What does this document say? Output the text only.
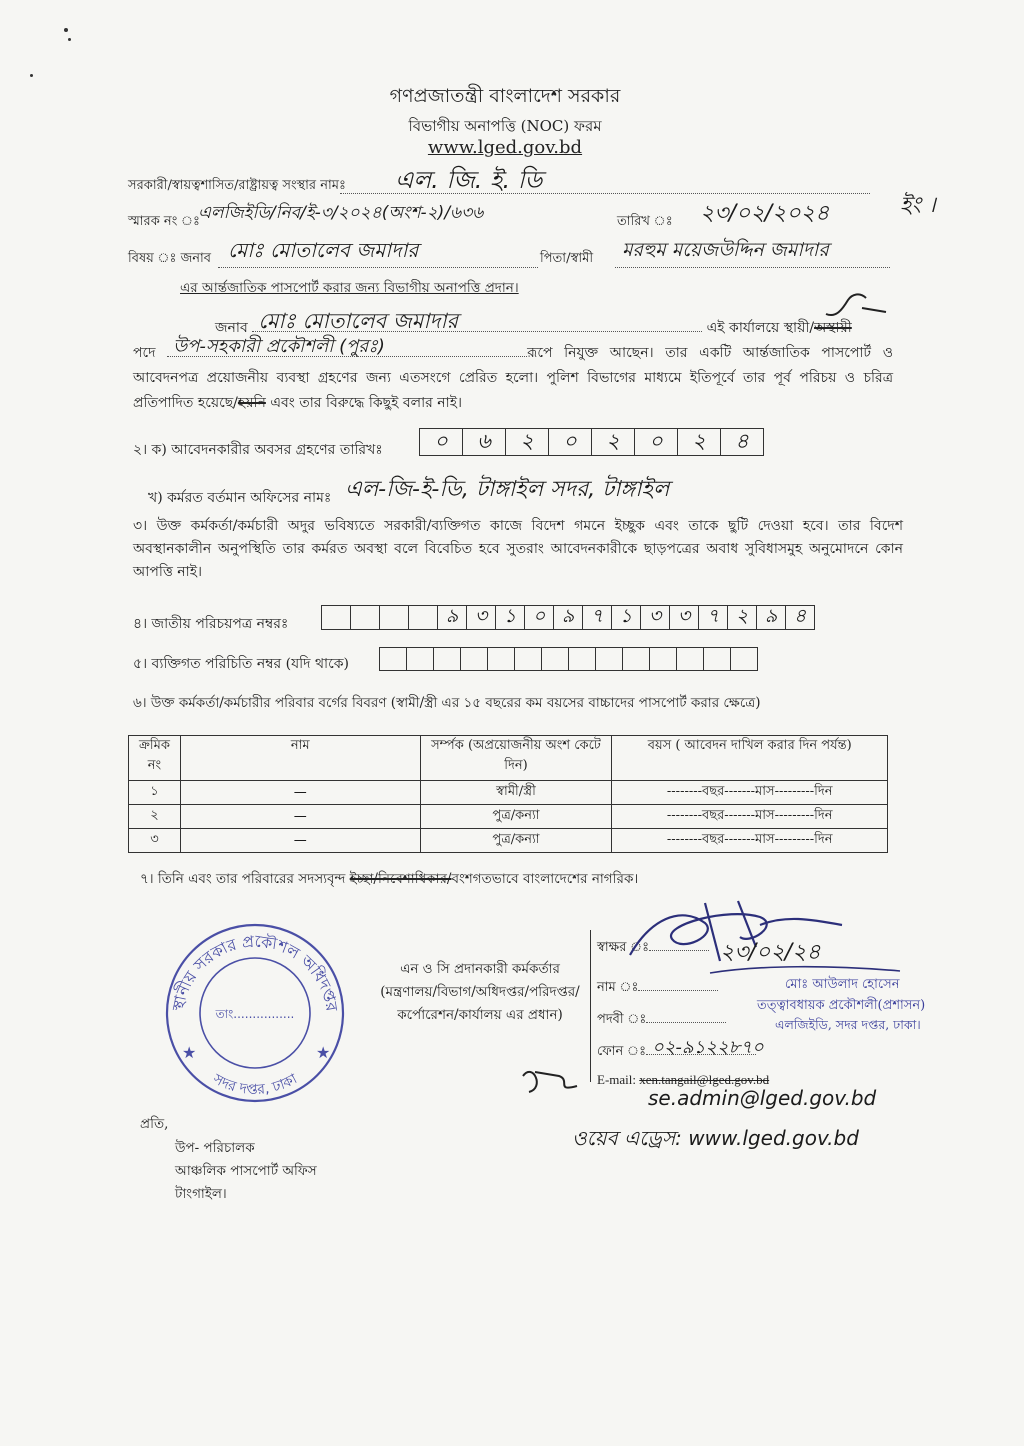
গণপ্রজাতন্ত্রী বাংলাদেশ সরকার
বিভাগীয় অনাপত্তি (NOC) ফরম
www.lged.gov.bd
সরকারী/স্বায়ত্বশাসিত/রাষ্ট্রায়ত্ব সংস্থার নামঃ এল. জি. ই. ডি
স্মারক নং ঃ
এলজিইডি/নিব/ই-৩/২০২৪(অংশ-২)/৬৩৬	তারিখ ঃ ২৩/০২/২০২৪	ইং ।
বিষয় ঃ জনাব মোঃ মোতালেব জমাদার	পিতা/স্বামী মরহুম ময়েজউদ্দিন জমাদার
এর আর্ন্তজাতিক পাসপোর্ট করার জন্য বিভাগীয় অনাপত্তি প্রদান।
জনাব মোঃ মোতালেব জমাদার	এই কার্যালয়ে স্থায়ী/অস্থায়ী
পদে উপ-সহকারী প্রকৌশলী (পুরঃ)	রূপে নিযুক্ত আছেন। তার একটি আর্ন্তজাতিক পাসপোর্ট ও আবেদনপত্র প্রয়োজনীয় ব্যবস্থা গ্রহণের জন্য এতসংগে প্রেরিত হলো। পুলিশ বিভাগের মাধ্যমে ইতিপূর্বে তার পূর্ব পরিচয় ও চরিত্র প্রতিপাদিত হয়েছে/হয়নি এবং তার বিরুদ্ধে কিছুই বলার নাই।
২। ক) আবেদনকারীর অবসর গ্রহণের তারিখঃ	০	৬	২	০	২	০	২	৪
খ) কর্মরত বর্তমান অফিসের নামঃ এল-জি-ই-ডি, টাঙ্গাইল সদর, টাঙ্গাইল
৩। উক্ত কর্মকর্তা/কর্মচারী অদুর ভবিষ্যতে সরকারী/ব্যক্তিগত কাজে বিদেশ গমনে ইচ্ছুক এবং তাকে ছুটি দেওয়া হবে। তার বিদেশ অবস্থানকালীন অনুপস্থিতি তার কর্মরত অবস্থা বলে বিবেচিত হবে সুতরাং আবেদনকারীকে ছাড়পত্রের অবাধ সুবিধাসমুহ অনুমোদনে কোন আপত্তি নাই।
৪। জাতীয় পরিচয়পত্র নম্বরঃ	৯ ৩ ১ ০ ৯ ৭ ১ ৩ ৩ ৭ ২ ৯ ৪
৫। ব্যক্তিগত পরিচিতি নম্বর (যদি থাকে)
৬। উক্ত কর্মকর্তা/কর্মচারীর পরিবার বর্গের বিবরণ (স্বামী/স্ত্রী এর ১৫ বছরের কম বয়সের বাচ্চাদের পাসপোর্ট করার ক্ষেত্রে)
ক্রমিক নং	নাম	সর্ম্পক (অপ্রয়োজনীয় অংশ কেটে দিন)	বয়স ( আবেদন দাখিল করার দিন পর্যন্ত)
১	—	স্বামী/স্ত্রী	--------বছর-------মাস---------দিন
২	—	পুত্র/কন্যা	--------বছর-------মাস---------দিন
৩	—	পুত্র/কন্যা	--------বছর-------মাস---------দিন
৭। তিনি এবং তার পরিবারের সদস্যবৃন্দ ইচ্ছা/নিবেশাধিকার/বংশগতভাবে বাংলাদেশের নাগরিক।
স্থানীয় সরকার প্রকৌশল অধিদপ্তর
সদর দপ্তর, ঢাকা
তাং................
★	★
এন ও সি প্রদানকারী কর্মকর্তার
(মন্ত্রণালয়/বিভাগ/অধিদপ্তর/পরিদপ্তর/
কর্পোরেশন/কার্যালয় এর প্রধান)
স্বাক্ষর ঃ
নাম ঃ
পদবী ঃ
ফোন ঃ
E-mail: xen.tangail@lged.gov.bd
মোঃ আউলাদ হোসেন
তত্ত্বাবধায়ক প্রকৌশলী(প্রশাসন)
এলজিইডি, সদর দপ্তর, ঢাকা।
২৩/০২/২৪
০২-৯১২২৮৭০
se.admin@lged.gov.bd
ওয়েব এড্রেস: www.lged.gov.bd
প্রতি,
উপ- পরিচালক
আঞ্চলিক পাসপোর্ট অফিস
টাংগাইল।
